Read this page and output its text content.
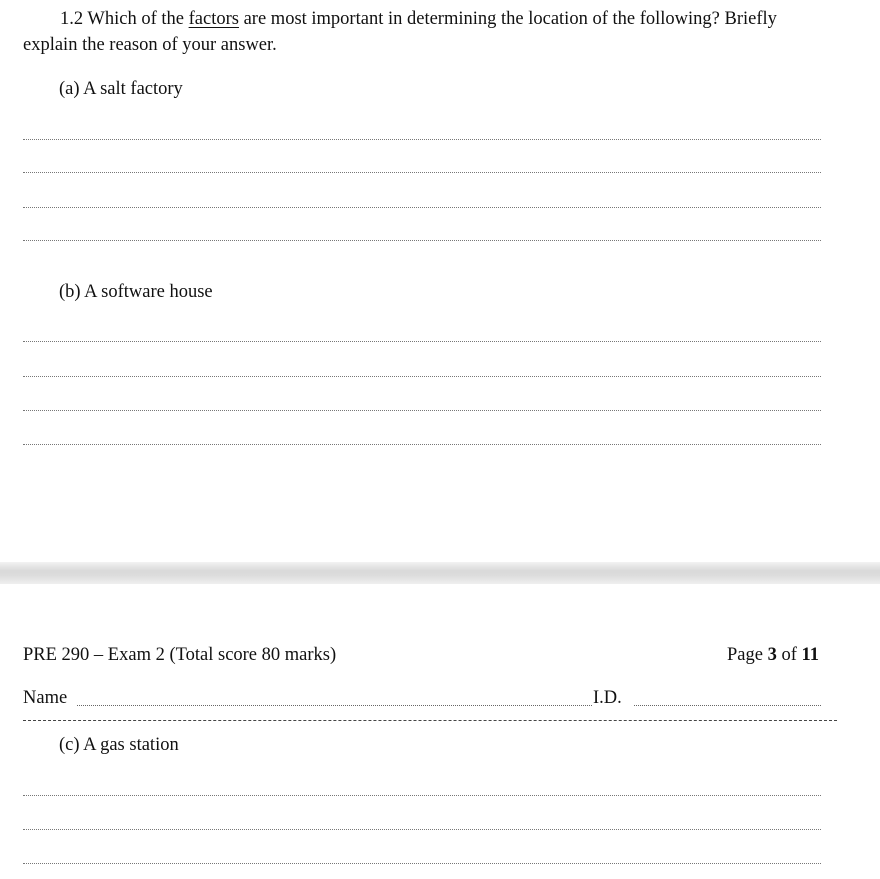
1.2 Which of the factors are most important in determining the location of the following? Briefly
explain the reason of your answer.
(a) A salt factory
(b) A software house
PRE 290 – Exam 2 (Total score 80 marks)	Page 3 of 11
Name	I.D.
(c) A gas station
